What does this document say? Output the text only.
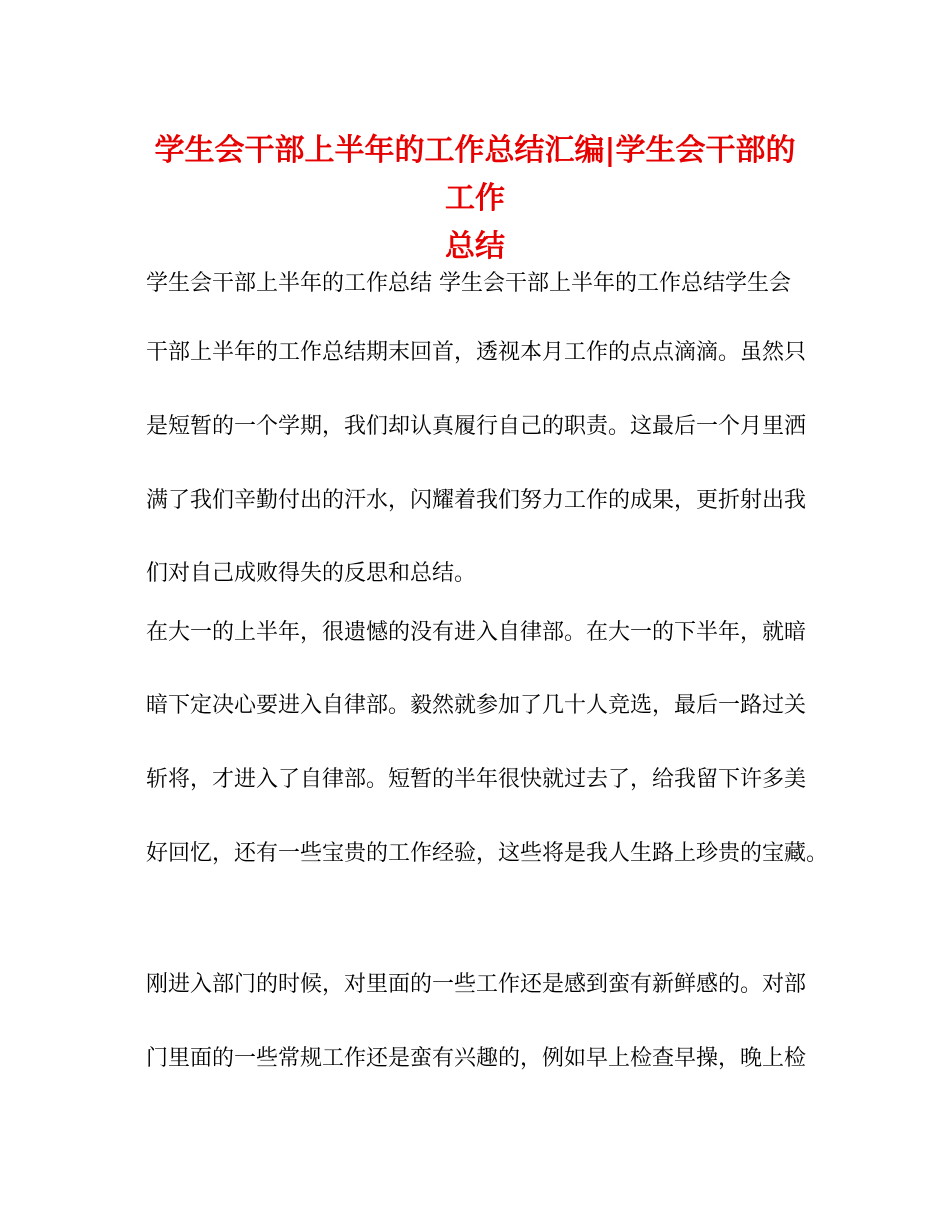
学生会干部上半年的工作总结汇编|学生会干部的工作
总结

学生会干部上半年的工作总结 学生会干部上半年的工作总结学生会

干部上半年的工作总结期末回首，透视本月工作的点点滴滴。虽然只

是短暂的一个学期，我们却认真履行自己的职责。这最后一个月里洒

满了我们辛勤付出的汗水，闪耀着我们努力工作的成果，更折射出我

们对自己成败得失的反思和总结。

在大一的上半年，很遗憾的没有进入自律部。在大一的下半年，就暗

暗下定决心要进入自律部。毅然就参加了几十人竞选，最后一路过关

斩将，才进入了自律部。短暂的半年很快就过去了，给我留下许多美

好回忆，还有一些宝贵的工作经验，这些将是我人生路上珍贵的宝藏。

刚进入部门的时候，对里面的一些工作还是感到蛮有新鲜感的。对部

门里面的一些常规工作还是蛮有兴趣的，例如早上检查早操，晚上检
